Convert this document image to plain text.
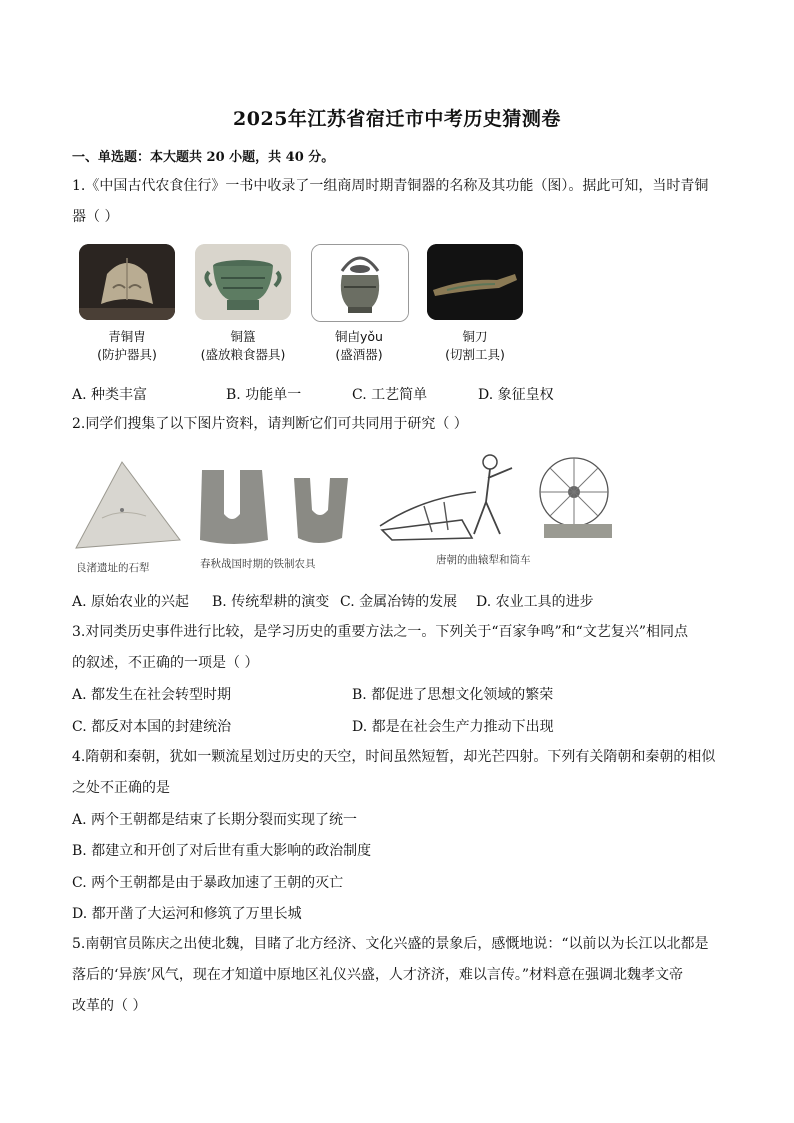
2025年江苏省宿迁市中考历史猜测卷
一、单选题：本大题共 20 小题，共 40 分。
1.《中国古代农食住行》一书中收录了一组商周时期青铜器的名称及其功能（图）。据此可知，当时青铜
器（ ）
青铜胄
(防护器具)
铜簋
(盛放粮食器具)
铜卣yǒu
(盛酒器)
铜刀
(切割工具)
A. 种类丰富	B. 功能单一	C. 工艺简单	D. 象征皇权
2.同学们搜集了以下图片资料，请判断它们可共同用于研究（ ）
良渚遗址的石犁	春秋战国时期的铁制农具	唐朝的曲辕犁和筒车
A. 原始农业的兴起 B. 传统犁耕的演变 C. 金属冶铸的发展 D. 农业工具的进步
3.对同类历史事件进行比较，是学习历史的重要方法之一。下列关于“百家争鸣”和“文艺复兴”相同点
的叙述，不正确的一项是（ ）
A. 都发生在社会转型时期	B. 都促进了思想文化领域的繁荣
C. 都反对本国的封建统治	D. 都是在社会生产力推动下出现
4.隋朝和秦朝，犹如一颗流星划过历史的天空，时间虽然短暂，却光芒四射。下列有关隋朝和秦朝的相似
之处不正确的是
A. 两个王朝都是结束了长期分裂而实现了统一
B. 都建立和开创了对后世有重大影响的政治制度
C. 两个王朝都是由于暴政加速了王朝的灭亡
D. 都开凿了大运河和修筑了万里长城
5.南朝官员陈庆之出使北魏，目睹了北方经济、文化兴盛的景象后，感慨地说：“以前以为长江以北都是
落后的‘异族’风气，现在才知道中原地区礼仪兴盛，人才济济，难以言传。”材料意在强调北魏孝文帝
改革的（ ）
